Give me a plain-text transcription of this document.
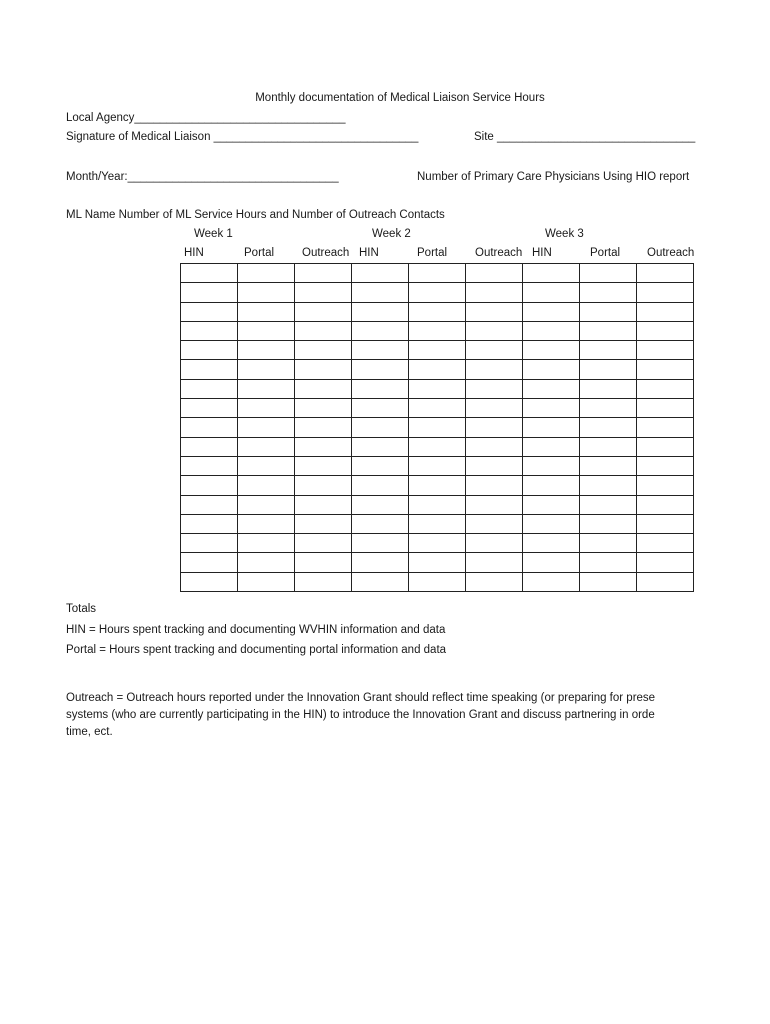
Monthly documentation of Medical Liaison Service Hours
Local Agency_________________________________
Signature of Medical Liaison ________________________________	Site _______________________________
Month/Year:_________________________________	Number of Primary Care Physicians Using HIO report
ML Name Number of ML Service Hours and Number of Outreach Contacts
Week 1	Week 2	Week 3
HIN	Portal Outreach HIN	Portal Outreach HIN	Portal Outreach

Totals
HIN = Hours spent tracking and documenting WVHIN information and data
Portal = Hours spent tracking and documenting portal information and data
Outreach = Outreach hours reported under the Innovation Grant should reflect time speaking (or preparing for prese
systems (who are currently participating in the HIN) to introduce the Innovation Grant and discuss partnering in orde
time, ect.
